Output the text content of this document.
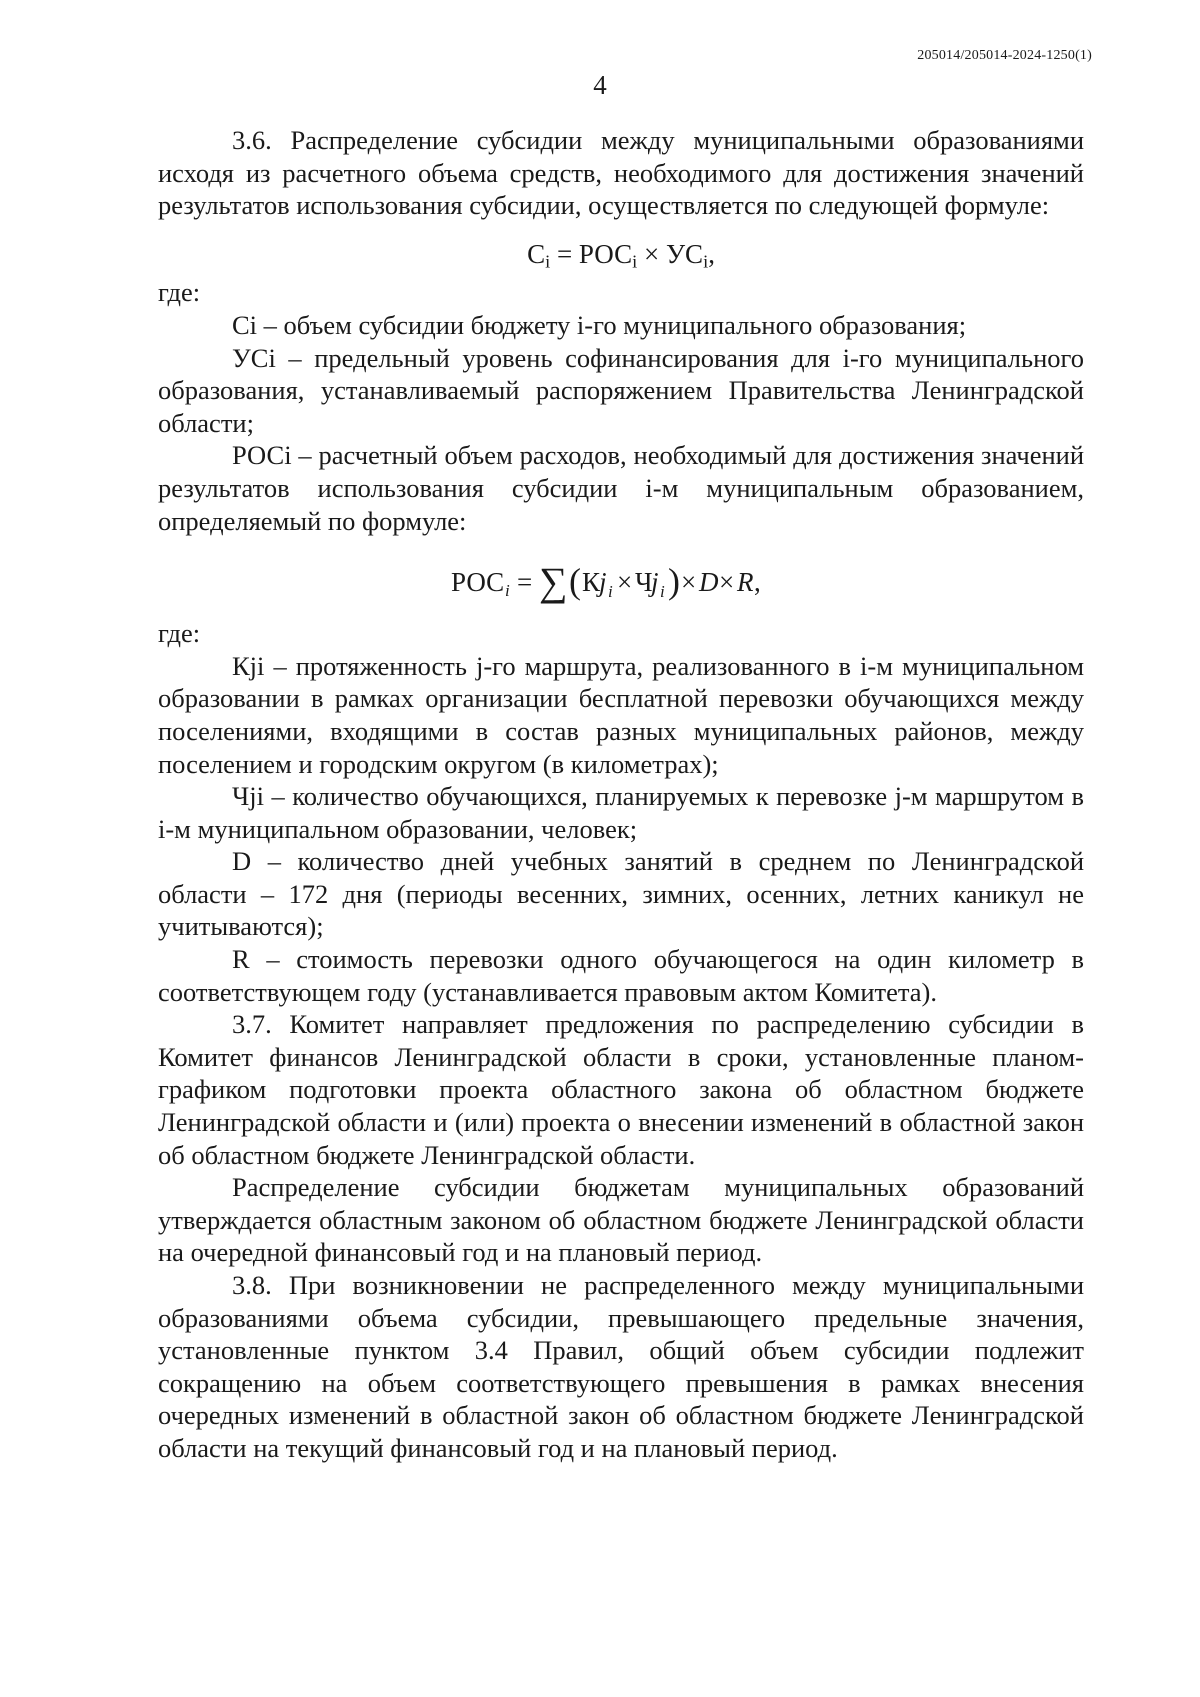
205014/205014-2024-1250(1)
4

3.6. Распределение субсидии между муниципальными образованиями исходя из расчетного объема средств, необходимого для достижения значений результатов использования субсидии, осуществляется по следующей формуле:

$C_i = РОС_i \times УС_i$,

где:

Ci – объем субсидии бюджету i-го муниципального образования;

УСi – предельный уровень софинансирования для i-го муниципального образования, устанавливаемый распоряжением Правительства Ленинградской области;

РОСi – расчетный объем расходов, необходимый для достижения значений результатов использования субсидии i-м муниципальным образованием, определяемый по формуле:

РОС i = ∑ ( К
j i × Ч
j i ) × D × R ,

где:

Кji – протяженность j-го маршрута, реализованного в i-м муниципальном образовании в рамках организации бесплатной перевозки обучающихся между поселениями, входящими в состав разных муниципальных районов, между поселением и городским округом (в километрах);

Чji – количество обучающихся, планируемых к перевозке j-м маршрутом в i-м муниципальном образовании, человек;

D – количество дней учебных занятий в среднем по Ленинградской области – 172 дня (периоды весенних, зимних, осенних, летних каникул не учитываются);

R – стоимость перевозки одного обучающегося на один километр в соответствующем году (устанавливается правовым актом Комитета).

3.7. Комитет направляет предложения по распределению субсидии в Комитет финансов Ленинградской области в сроки, установленные планом-графиком подготовки проекта областного закона об областном бюджете Ленинградской области и (или) проекта о внесении изменений в областной закон об областном бюджете Ленинградской области.

Распределение субсидии бюджетам муниципальных образований утверждается областным законом об областном бюджете Ленинградской области на очередной финансовый год и на плановый период.

3.8. При возникновении не распределенного между муниципальными образованиями объема субсидии, превышающего предельные значения, установленные пунктом 3.4 Правил, общий объем субсидии подлежит сокращению на объем соответствующего превышения в рамках внесения очередных изменений в областной закон об областном бюджете Ленинградской области на текущий финансовый год и на плановый период.
